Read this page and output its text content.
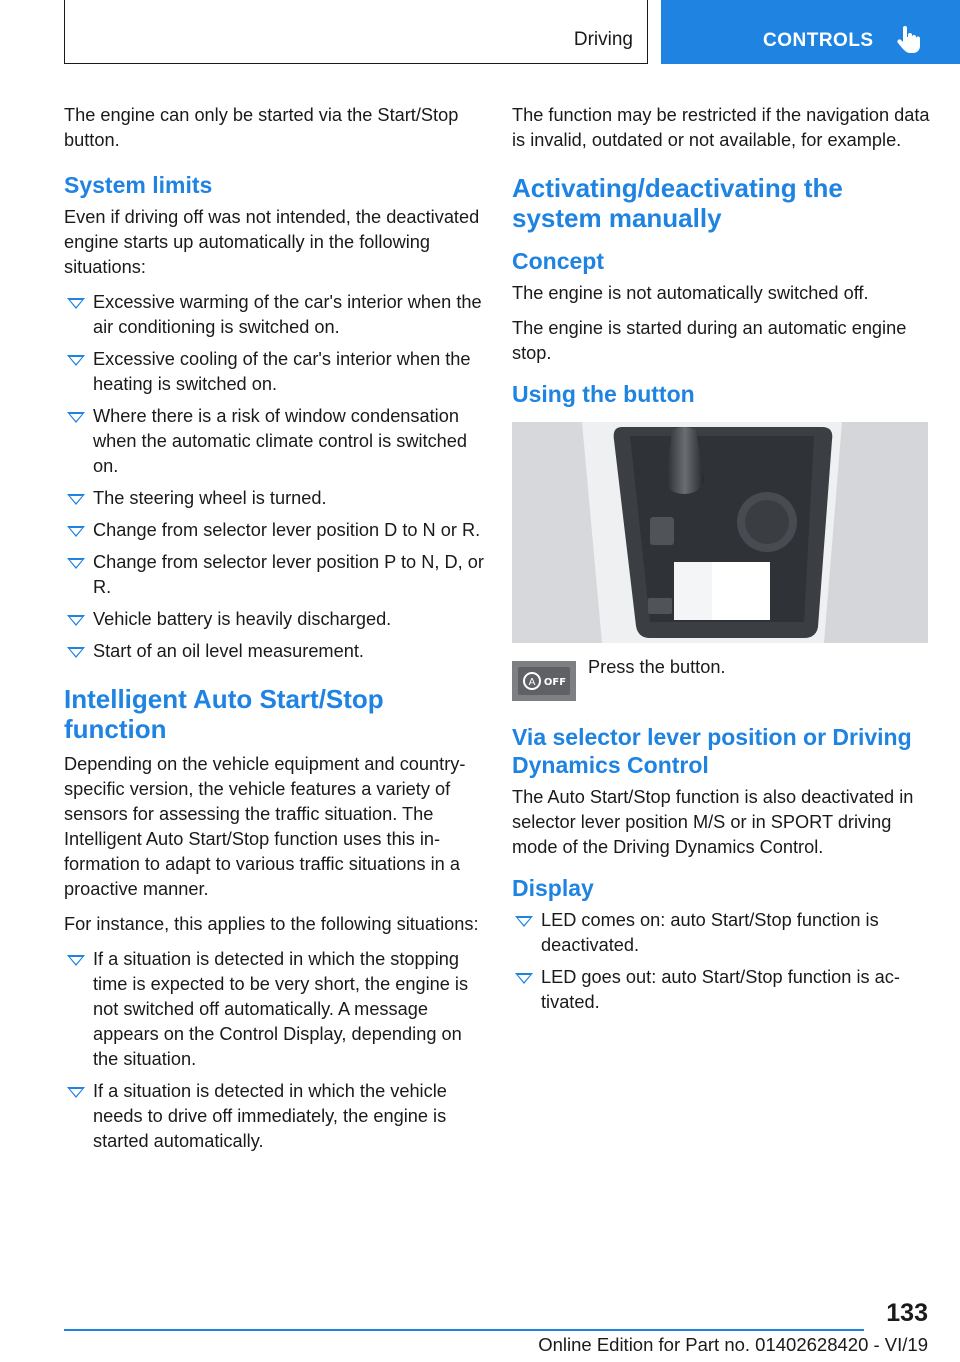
Driving	CONTROLS

The engine can only be started via the Start/Stop button.

System limits

Even if driving off was not intended, the deactivated engine starts up automatically in the following situations:

Excessive warming of the car's interior when the air conditioning is switched on.
Excessive cooling of the car's interior when the heating is switched on.
Where there is a risk of window condensation when the automatic climate control is switched on.
The steering wheel is turned.
Change from selector lever position D to N or R.
Change from selector lever position P to N, D, or R.
Vehicle battery is heavily discharged.
Start of an oil level measurement.
Intelligent Auto Start/Stop function

Depending on the vehicle equipment and country-specific version, the vehicle features a variety of sensors for assessing the traffic situation. The Intelligent Auto Start/Stop function uses this information to adapt to various traffic situations in a proactive manner.

For instance, this applies to the following situations:

If a situation is detected in which the stopping time is expected to be very short, the engine is not switched off automatically. A message appears on the Control Display, depending on the situation.
If a situation is detected in which the vehicle needs to drive off immediately, the engine is started automatically.

The function may be restricted if the navigation data is invalid, outdated or not available, for example.

Activating/deactivating the system manually
Concept

The engine is not automatically switched off.

The engine is started during an automatic engine stop.

Using the button
A OFF

Press the button.

Via selector lever position or Driving Dynamics Control

The Auto Start/Stop function is also deactivated in selector lever position M/S or in SPORT driving mode of the Driving Dynamics Control.

Display
LED comes on: auto Start/Stop function is deactivated.
LED goes out: auto Start/Stop function is activated.
133
Online Edition for Part no. 01402628420 - VI/19
